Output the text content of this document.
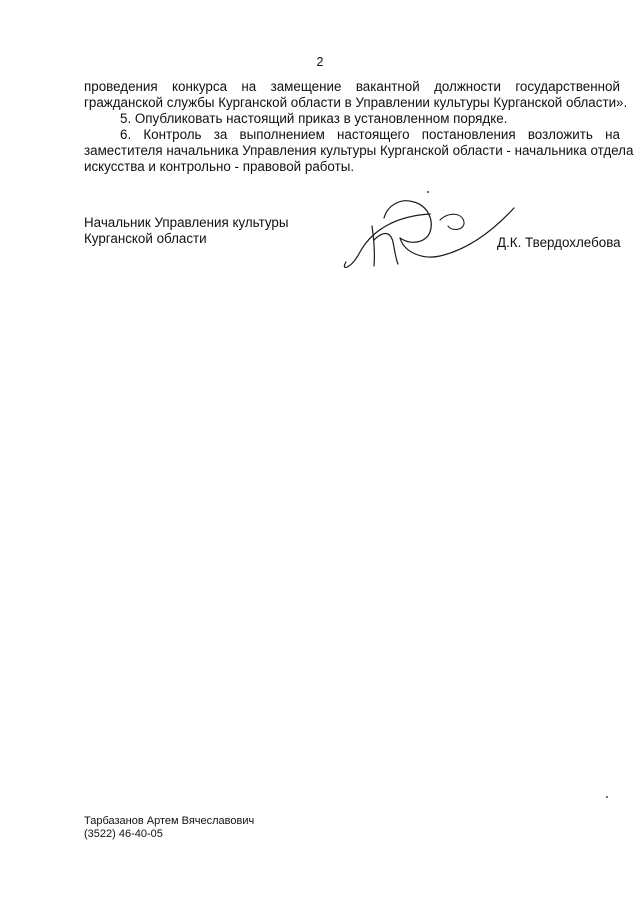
2
проведения конкурса на замещение вакантной должности государственной
гражданской службы Курганской области в Управлении культуры Курганской области».
5. Опубликовать настоящий приказ в установленном порядке.
6. Контроль за выполнением настоящего постановления возложить на
заместителя начальника Управления культуры Курганской области - начальника отдела
искусства и контрольно - правовой работы.
Начальник Управления культуры
Курганской области	Д.К. Твердохлебова
Тарбазанов Артем Вячеславович
(3522) 46-40-05
